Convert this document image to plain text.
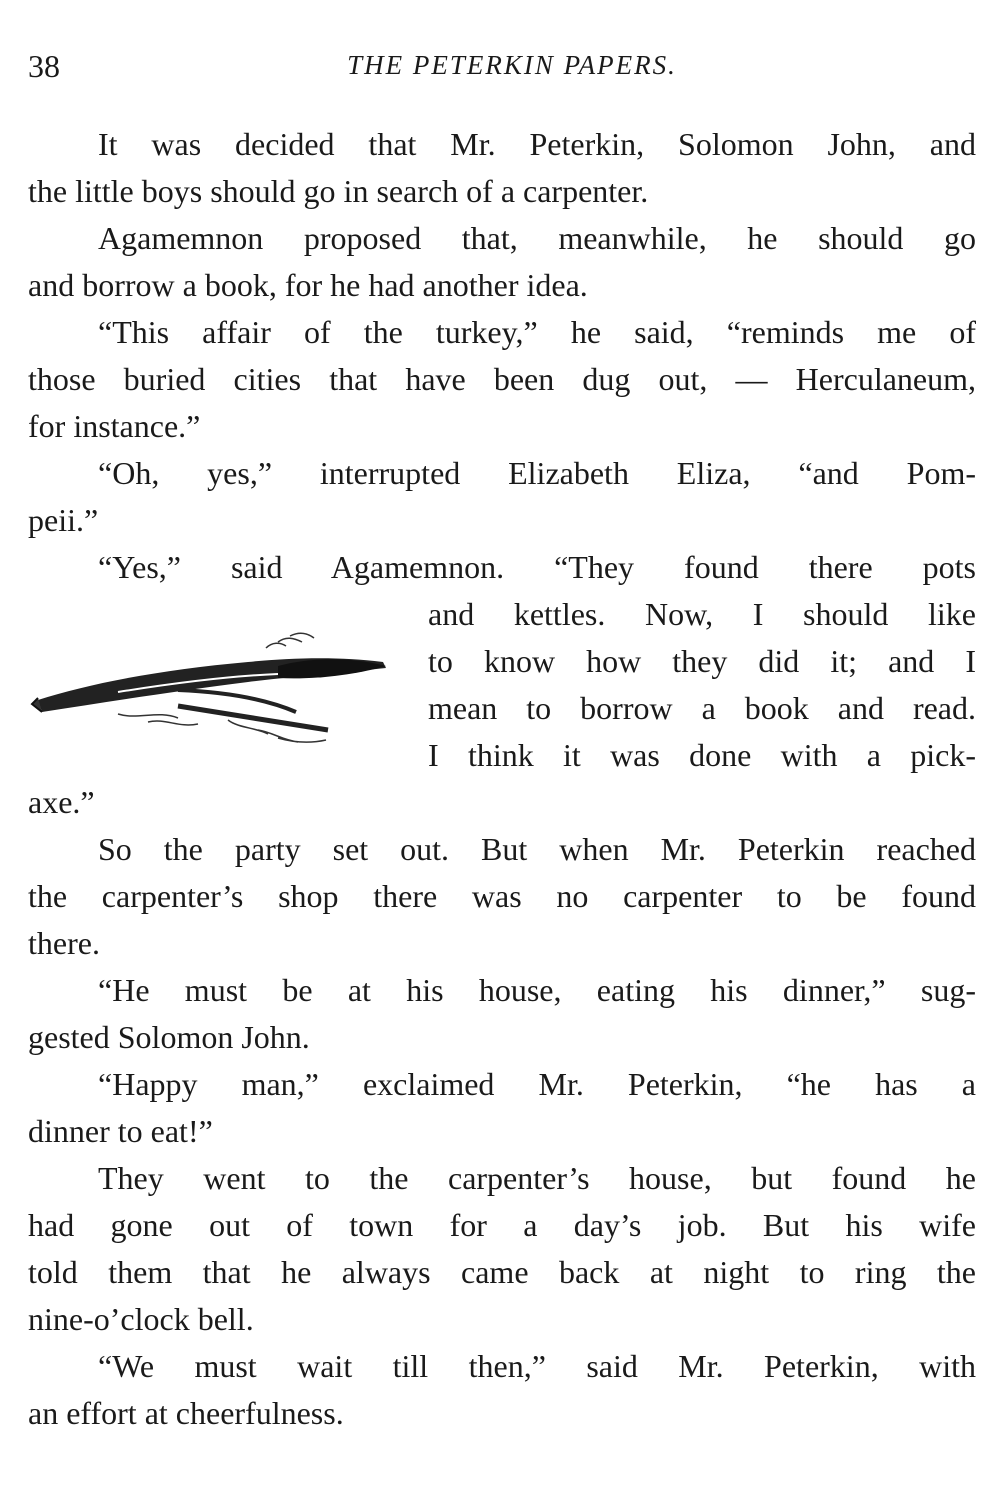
38	THE PETERKIN PAPERS.
It was decided that Mr. Peterkin, Solomon John, and
the little boys should go in search of a carpenter.
Agamemnon proposed that, meanwhile, he should go
and borrow a book, for he had another idea.
“This affair of the turkey,” he said, “reminds me of
those buried cities that have been dug out, — Herculaneum,
for instance.”
“Oh, yes,” interrupted Elizabeth Eliza, “and Pom-
peii.”
“Yes,” said Agamemnon. “They found there pots
and kettles. Now, I should like
to know how they did it; and I
mean to borrow a book and read.
I think it was done with a pick-
axe.”
So the party set out. But when Mr. Peterkin reached
the carpenter’s shop there was no carpenter to be found
there.
“He must be at his house, eating his dinner,” sug-
gested Solomon John.
“Happy man,” exclaimed Mr. Peterkin, “he has a
dinner to eat!”
They went to the carpenter’s house, but found he
had gone out of town for a day’s job. But his wife
told them that he always came back at night to ring the
nine-o’clock bell.
“We must wait till then,” said Mr. Peterkin, with
an effort at cheerfulness.
